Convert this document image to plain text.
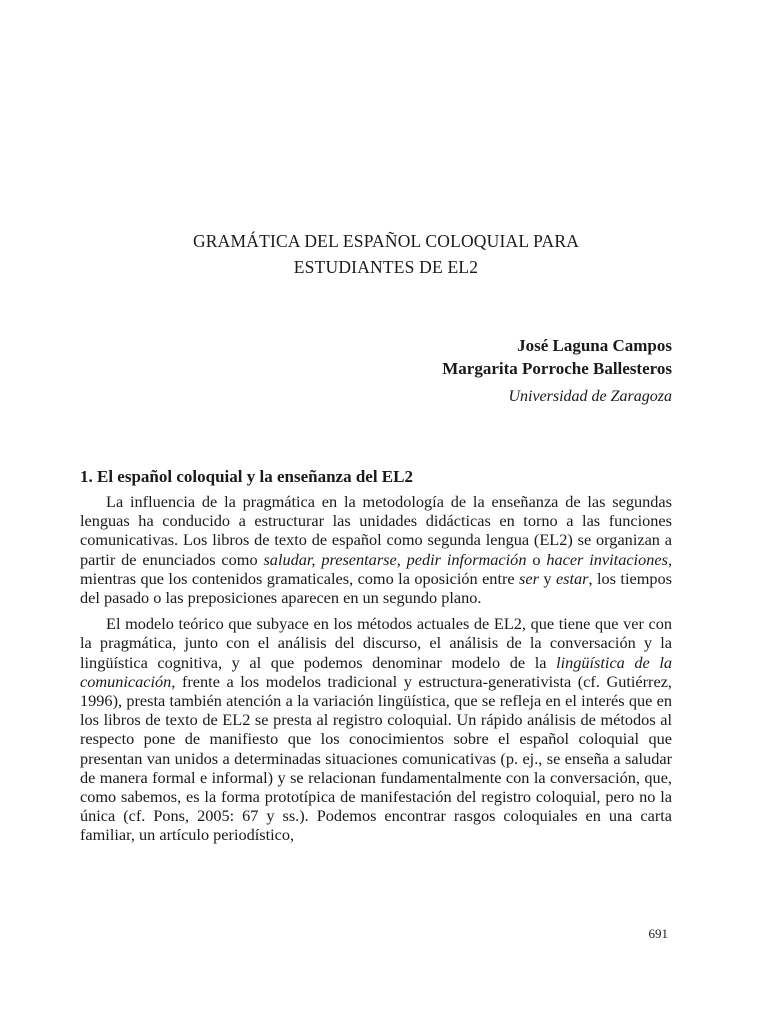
GRAMÁTICA DEL ESPAÑOL COLOQUIAL PARA
ESTUDIANTES DE EL2
José Laguna Campos
Margarita Porroche Ballesteros
Universidad de Zaragoza
1. El español coloquial y la enseñanza del EL2

La influencia de la pragmática en la metodología de la enseñanza de las segundas lenguas ha conducido a estructurar las unidades didácticas en torno a las funciones comunicativas. Los libros de texto de español como segunda lengua (EL2) se organizan a partir de enunciados como saludar, presentarse, pedir información o hacer invitaciones, mientras que los contenidos gramaticales, como la oposición entre ser y estar, los tiempos del pasado o las preposiciones aparecen en un segundo plano.

El modelo teórico que subyace en los métodos actuales de EL2, que tiene que ver con la pragmática, junto con el análisis del discurso, el análisis de la conversación y la lingüística cognitiva, y al que podemos denominar modelo de la lingüística de la comunicación, frente a los modelos tradicional y estructura-generativista (cf. Gutiérrez, 1996), presta también atención a la variación lingüística, que se refleja en el interés que en los libros de texto de EL2 se presta al registro coloquial. Un rápido análisis de métodos al respecto pone de manifiesto que los conocimientos sobre el español coloquial que presentan van unidos a determinadas situaciones comunicativas (p. ej., se enseña a saludar de manera formal e informal) y se relacionan fundamentalmente con la conversación, que, como sabemos, es la forma prototípica de manifestación del registro coloquial, pero no la única (cf. Pons, 2005: 67 y ss.). Podemos encontrar rasgos coloquiales en una carta familiar, un artículo periodístico,

691
